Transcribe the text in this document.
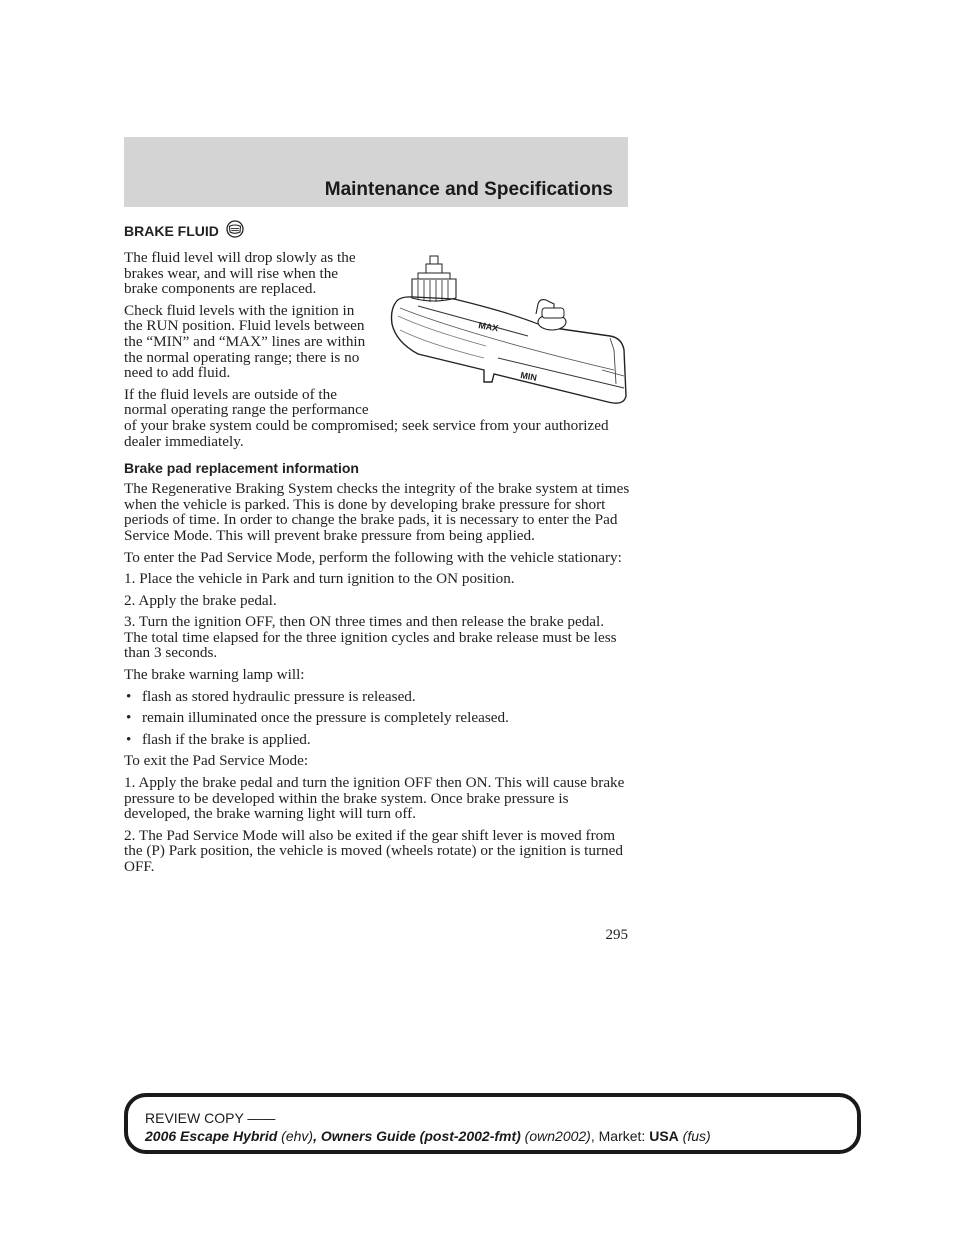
Maintenance and Specifications
BRAKE FLUID
MAX
MIN

The fluid level will drop slowly as the brakes wear, and will rise when the brake components are replaced.

Check fluid levels with the ignition in the RUN position. Fluid levels between the “MIN” and “MAX” lines are within the normal operating range; there is no need to add fluid.

If the fluid levels are outside of the normal operating range the performance of your brake system could be compromised; seek service from your authorized dealer immediately.

Brake pad replacement information

The Regenerative Braking System checks the integrity of the brake system at times when the vehicle is parked. This is done by developing brake pressure for short periods of time. In order to change the brake pads, it is necessary to enter the Pad Service Mode. This will prevent brake pressure from being applied.

To enter the Pad Service Mode, perform the following with the vehicle stationary:

1. Place the vehicle in Park and turn ignition to the ON position.

2. Apply the brake pedal.

3. Turn the ignition OFF, then ON three times and then release the brake pedal. The total time elapsed for the three ignition cycles and brake release must be less than 3 seconds.

The brake warning lamp will:

• flash as stored hydraulic pressure is released.
• remain illuminated once the pressure is completely released.
• flash if the brake is applied.

To exit the Pad Service Mode:

1. Apply the brake pedal and turn the ignition OFF then ON. This will cause brake pressure to be developed within the brake system. Once brake pressure is developed, the brake warning light will turn off.

2. The Pad Service Mode will also be exited if the gear shift lever is moved from the (P) Park position, the vehicle is moved (wheels rotate) or the ignition is turned OFF.

295
REVIEW COPY ——
2006 Escape Hybrid (ehv), Owners Guide (post-2002-fmt) (own2002), Market: USA (fus)
